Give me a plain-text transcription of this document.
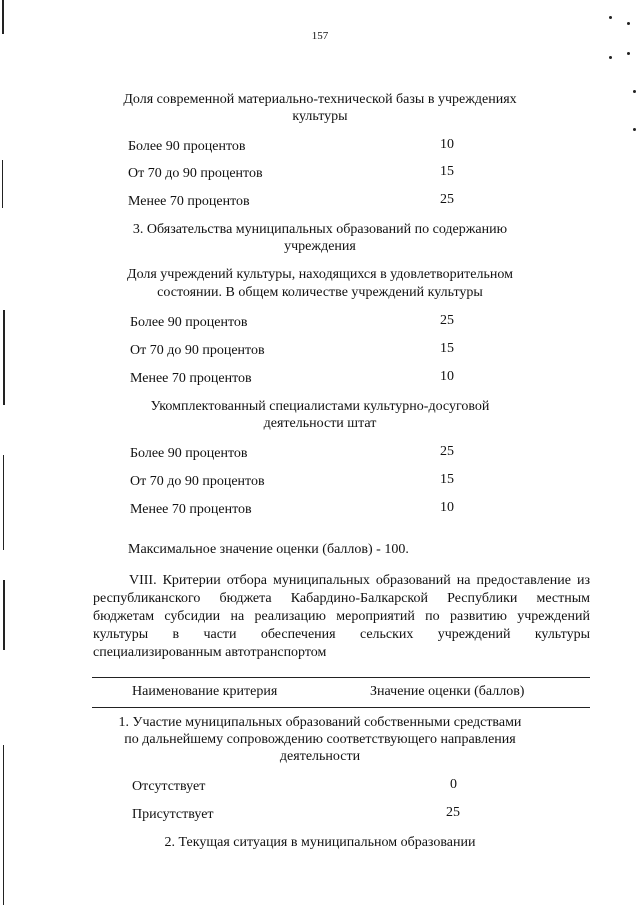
157
Доля современной материально-технической базы в учреждениях
культуры
Более 90 процентов	10
От 70 до 90 процентов	15
Менее 70 процентов	25
3. Обязательства муниципальных образований по содержанию
учреждения
Доля учреждений культуры, находящихся в удовлетворительном
состоянии. В общем количестве учреждений культуры
Более 90 процентов	25
От 70 до 90 процентов	15
Менее 70 процентов	10
Укомплектованный специалистами культурно-досуговой
деятельности штат
Более 90 процентов	25
От 70 до 90 процентов	15
Менее 70 процентов	10
Максимальное значение оценки (баллов) - 100.
VIII. Критерии отбора муниципальных образований на предоставление из республиканского бюджета Кабардино-Балкарской Республики местным бюджетам субсидии на реализацию мероприятий по развитию учреждений культуры в части обеспечения сельских учреждений культуры специализированным автотранспортом
Наименование критерия	Значение оценки (баллов)
1. Участие муниципальных образований собственными средствами
по дальнейшему сопровождению соответствующего направления
деятельности
Отсутствует	0
Присутствует	25
2. Текущая ситуация в муниципальном образовании
